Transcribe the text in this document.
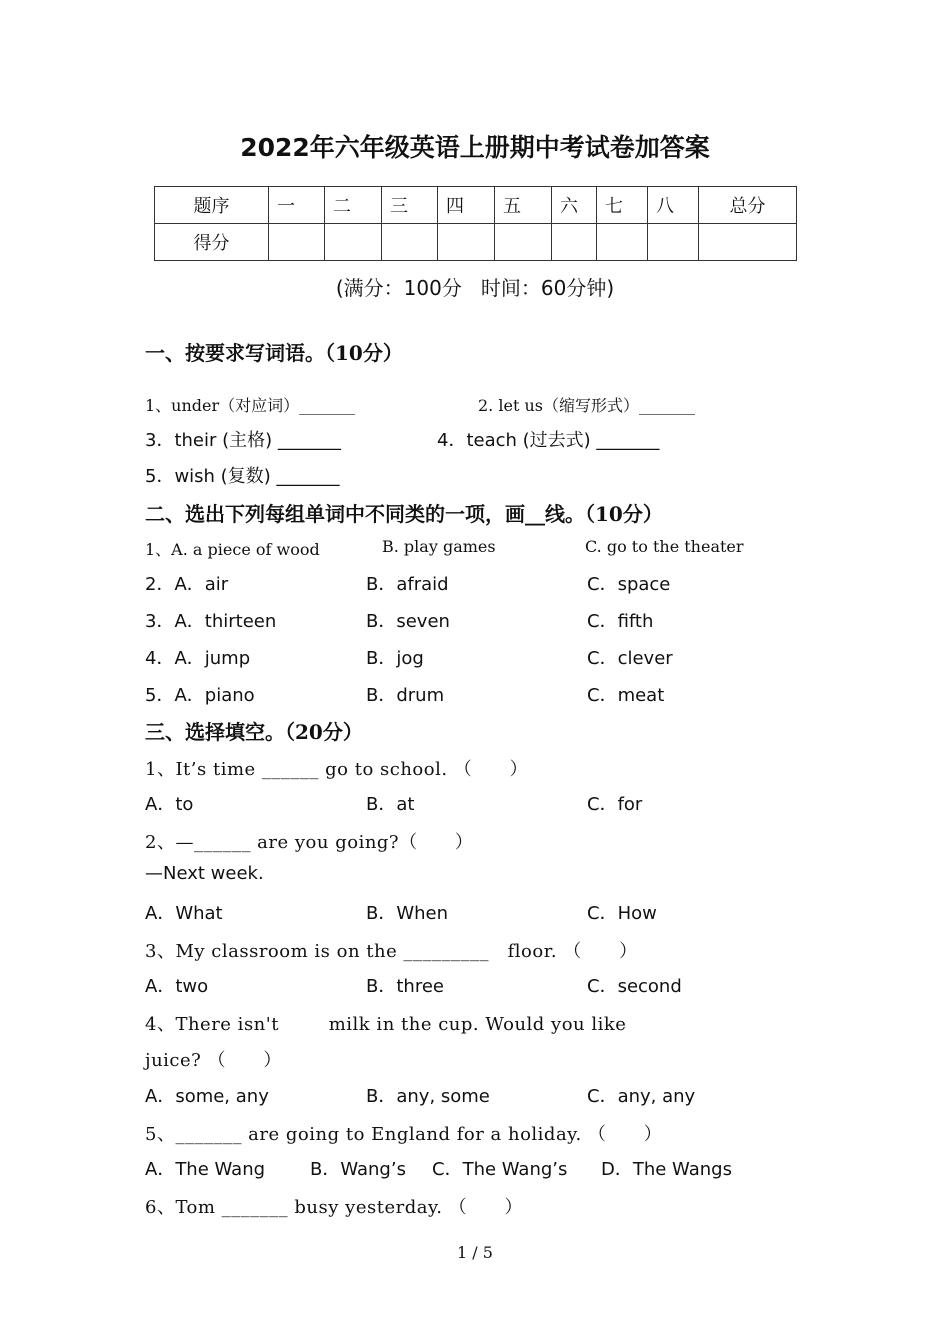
2022年六年级英语上册期中考试卷加答案
题序	一	二	三	四	五	六	七	八	总分
得分									
(满分：100分   时间：60分钟)
一、按要求写词语。（10分）
1、under（对应词）_______	2. let us（缩写形式）_______
3．their (主格) _______	4．teach (过去式) _______
5．wish (复数) _______
二、选出下列每组单词中不同类的一项，画__线。（10分）
1、A. a piece of wood	B. play games	C. go to the theater
2．A．air	B．afraid	C．space
3．A．thirteen	B．seven	C．fifth
4．A．jump	B．jog	C．clever
5．A．piano	B．drum	C．meat
三、选择填空。（20分）
1、It’s time ______ go to school. （      ）
A．to	B．at	C．for
2、—______ are you going?（      ）
—Next week.
A．What	B．When	C．How
3、My classroom is on the _________   floor. （      ）
A．two	B．three	C．second
4、There isn't        milk in the cup. Would you like
juice? （      ）
A．some, any	B．any, some	C．any, any
5、_______ are going to England for a holiday. （      ）
A．The Wang B．Wang’s C．The Wang’s D．The Wangs
6、Tom _______ busy yesterday. （      ）
1 / 5
